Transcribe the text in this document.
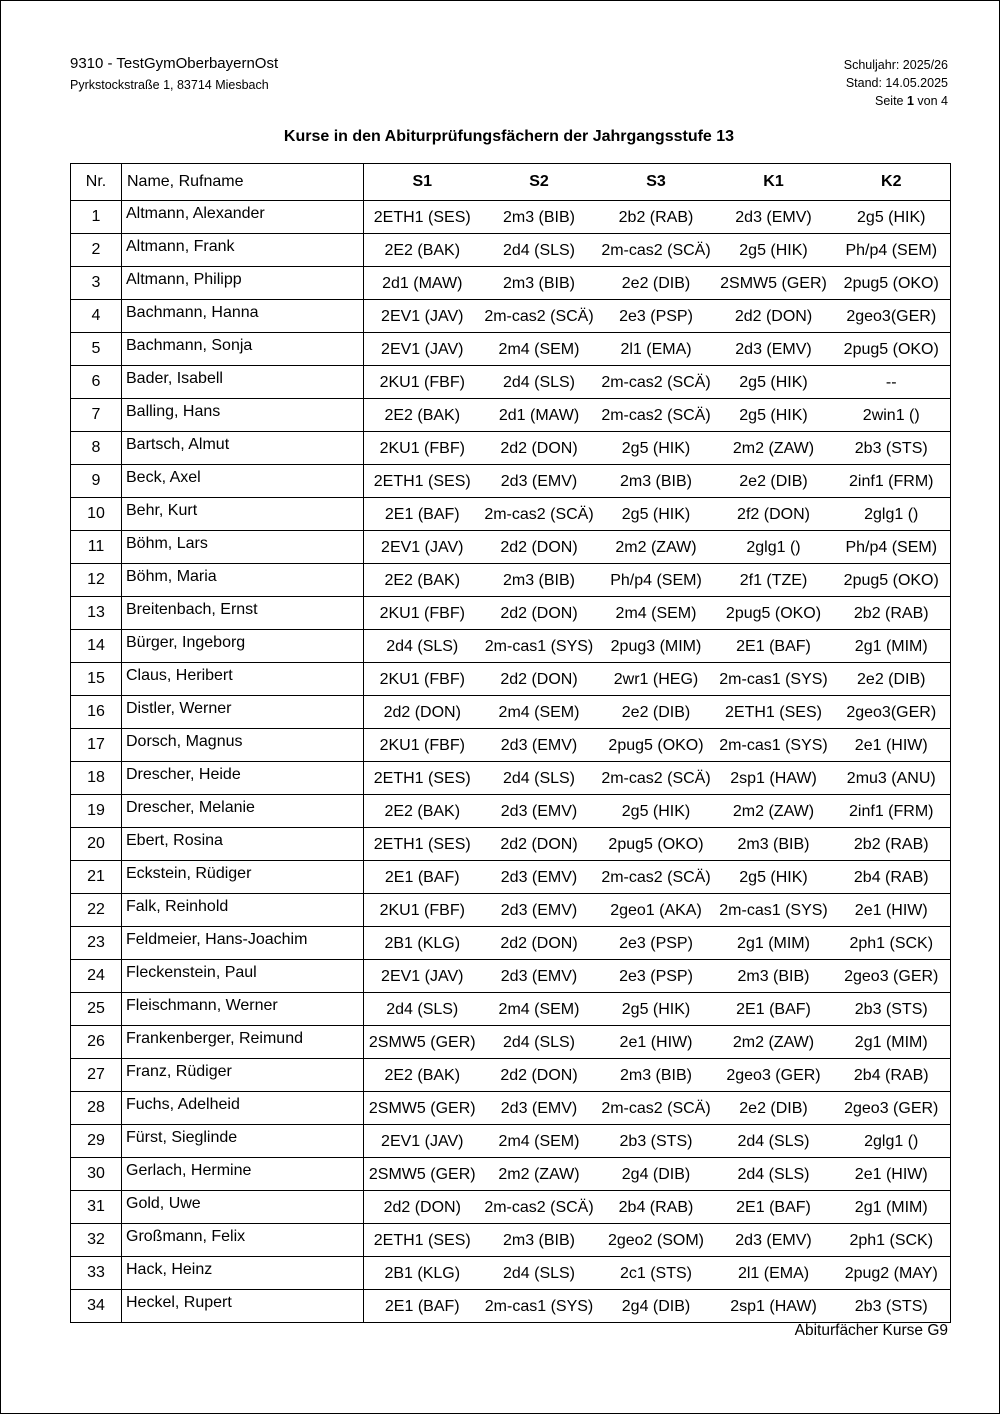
9310 - TestGymOberbayernOst
Pyrkstockstraße 1, 83714 Miesbach
Schuljahr: 2025/26
Stand: 14.05.2025
Seite 1 von 4
Kurse in den Abiturprüfungsfächern der Jahrgangsstufe 13
Nr.	Name, Rufname	S1	S2	S3	K1	K2
1	Altmann, Alexander	2ETH1 (SES)	2m3 (BIB)	2b2 (RAB)	2d3 (EMV)	2g5 (HIK)
2	Altmann, Frank	2E2 (BAK)	2d4 (SLS)	2m-cas2 (SCÄ)	2g5 (HIK)	Ph/p4 (SEM)
3	Altmann, Philipp	2d1 (MAW)	2m3 (BIB)	2e2 (DIB)	2SMW5 (GER)	2pug5 (OKO)
4	Bachmann, Hanna	2EV1 (JAV)	2m-cas2 (SCÄ)	2e3 (PSP)	2d2 (DON)	2geo3(GER)
5	Bachmann, Sonja	2EV1 (JAV)	2m4 (SEM)	2l1 (EMA)	2d3 (EMV)	2pug5 (OKO)
6	Bader, Isabell	2KU1 (FBF)	2d4 (SLS)	2m-cas2 (SCÄ)	2g5 (HIK)	--
7	Balling, Hans	2E2 (BAK)	2d1 (MAW)	2m-cas2 (SCÄ)	2g5 (HIK)	2win1 ()
8	Bartsch, Almut	2KU1 (FBF)	2d2 (DON)	2g5 (HIK)	2m2 (ZAW)	2b3 (STS)
9	Beck, Axel	2ETH1 (SES)	2d3 (EMV)	2m3 (BIB)	2e2 (DIB)	2inf1 (FRM)
10	Behr, Kurt	2E1 (BAF)	2m-cas2 (SCÄ)	2g5 (HIK)	2f2 (DON)	2glg1 ()
11	Böhm, Lars	2EV1 (JAV)	2d2 (DON)	2m2 (ZAW)	2glg1 ()	Ph/p4 (SEM)
12	Böhm, Maria	2E2 (BAK)	2m3 (BIB)	Ph/p4 (SEM)	2f1 (TZE)	2pug5 (OKO)
13	Breitenbach, Ernst	2KU1 (FBF)	2d2 (DON)	2m4 (SEM)	2pug5 (OKO)	2b2 (RAB)
14	Bürger, Ingeborg	2d4 (SLS)	2m-cas1 (SYS)	2pug3 (MIM)	2E1 (BAF)	2g1 (MIM)
15	Claus, Heribert	2KU1 (FBF)	2d2 (DON)	2wr1 (HEG)	2m-cas1 (SYS)	2e2 (DIB)
16	Distler, Werner	2d2 (DON)	2m4 (SEM)	2e2 (DIB)	2ETH1 (SES)	2geo3(GER)
17	Dorsch, Magnus	2KU1 (FBF)	2d3 (EMV)	2pug5 (OKO)	2m-cas1 (SYS)	2e1 (HIW)
18	Drescher, Heide	2ETH1 (SES)	2d4 (SLS)	2m-cas2 (SCÄ)	2sp1 (HAW)	2mu3 (ANU)
19	Drescher, Melanie	2E2 (BAK)	2d3 (EMV)	2g5 (HIK)	2m2 (ZAW)	2inf1 (FRM)
20	Ebert, Rosina	2ETH1 (SES)	2d2 (DON)	2pug5 (OKO)	2m3 (BIB)	2b2 (RAB)
21	Eckstein, Rüdiger	2E1 (BAF)	2d3 (EMV)	2m-cas2 (SCÄ)	2g5 (HIK)	2b4 (RAB)
22	Falk, Reinhold	2KU1 (FBF)	2d3 (EMV)	2geo1 (AKA)	2m-cas1 (SYS)	2e1 (HIW)
23	Feldmeier, Hans-Joachim	2B1 (KLG)	2d2 (DON)	2e3 (PSP)	2g1 (MIM)	2ph1 (SCK)
24	Fleckenstein, Paul	2EV1 (JAV)	2d3 (EMV)	2e3 (PSP)	2m3 (BIB)	2geo3 (GER)
25	Fleischmann, Werner	2d4 (SLS)	2m4 (SEM)	2g5 (HIK)	2E1 (BAF)	2b3 (STS)
26	Frankenberger, Reimund	2SMW5 (GER)	2d4 (SLS)	2e1 (HIW)	2m2 (ZAW)	2g1 (MIM)
27	Franz, Rüdiger	2E2 (BAK)	2d2 (DON)	2m3 (BIB)	2geo3 (GER)	2b4 (RAB)
28	Fuchs, Adelheid	2SMW5 (GER)	2d3 (EMV)	2m-cas2 (SCÄ)	2e2 (DIB)	2geo3 (GER)
29	Fürst, Sieglinde	2EV1 (JAV)	2m4 (SEM)	2b3 (STS)	2d4 (SLS)	2glg1 ()
30	Gerlach, Hermine	2SMW5 (GER)	2m2 (ZAW)	2g4 (DIB)	2d4 (SLS)	2e1 (HIW)
31	Gold, Uwe	2d2 (DON)	2m-cas2 (SCÄ)	2b4 (RAB)	2E1 (BAF)	2g1 (MIM)
32	Großmann, Felix	2ETH1 (SES)	2m3 (BIB)	2geo2 (SOM)	2d3 (EMV)	2ph1 (SCK)
33	Hack, Heinz	2B1 (KLG)	2d4 (SLS)	2c1 (STS)	2l1 (EMA)	2pug2 (MAY)
34	Heckel, Rupert	2E1 (BAF)	2m-cas1 (SYS)	2g4 (DIB)	2sp1 (HAW)	2b3 (STS)
Abiturfächer Kurse G9
